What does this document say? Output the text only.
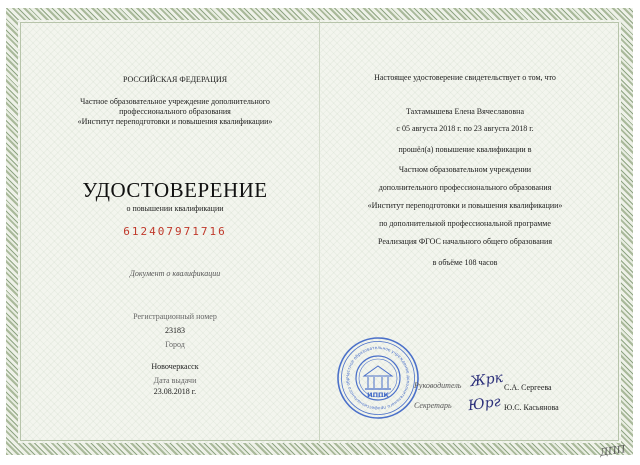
РОССИЙСКАЯ ФЕДЕРАЦИЯ
Частное образовательное учреждение дополнительного
профессионального образования
«Институт переподготовки и повышения квалификации»
УДОСТОВЕРЕНИЕ
о повышении квалификации
612407971716
Документ о квалификации
Регистрационный номер
23183
Город
Новочеркасск
Дата выдачи
23.08.2018 г.
Настоящее удостоверение свидетельствует о том, что
Тахтамышева Елена Вячеславовна
с 05 августа 2018 г. по 23 августа 2018 г.
прошёл(а) повышение квалификации в
Частном образовательном учреждении
дополнительного профессионального образования
«Институт переподготовки и повышения квалификации»
по дополнительной профессиональной программе
Реализация ФГОС начального общего образования
в объёме 108 часов
Частное образовательное учреждение дополнительного профессионального обр
ИППК
Руководитель Жрк С.А. Сергеева
Секретарь Юрг Ю.С. Касьянова
ДПП
